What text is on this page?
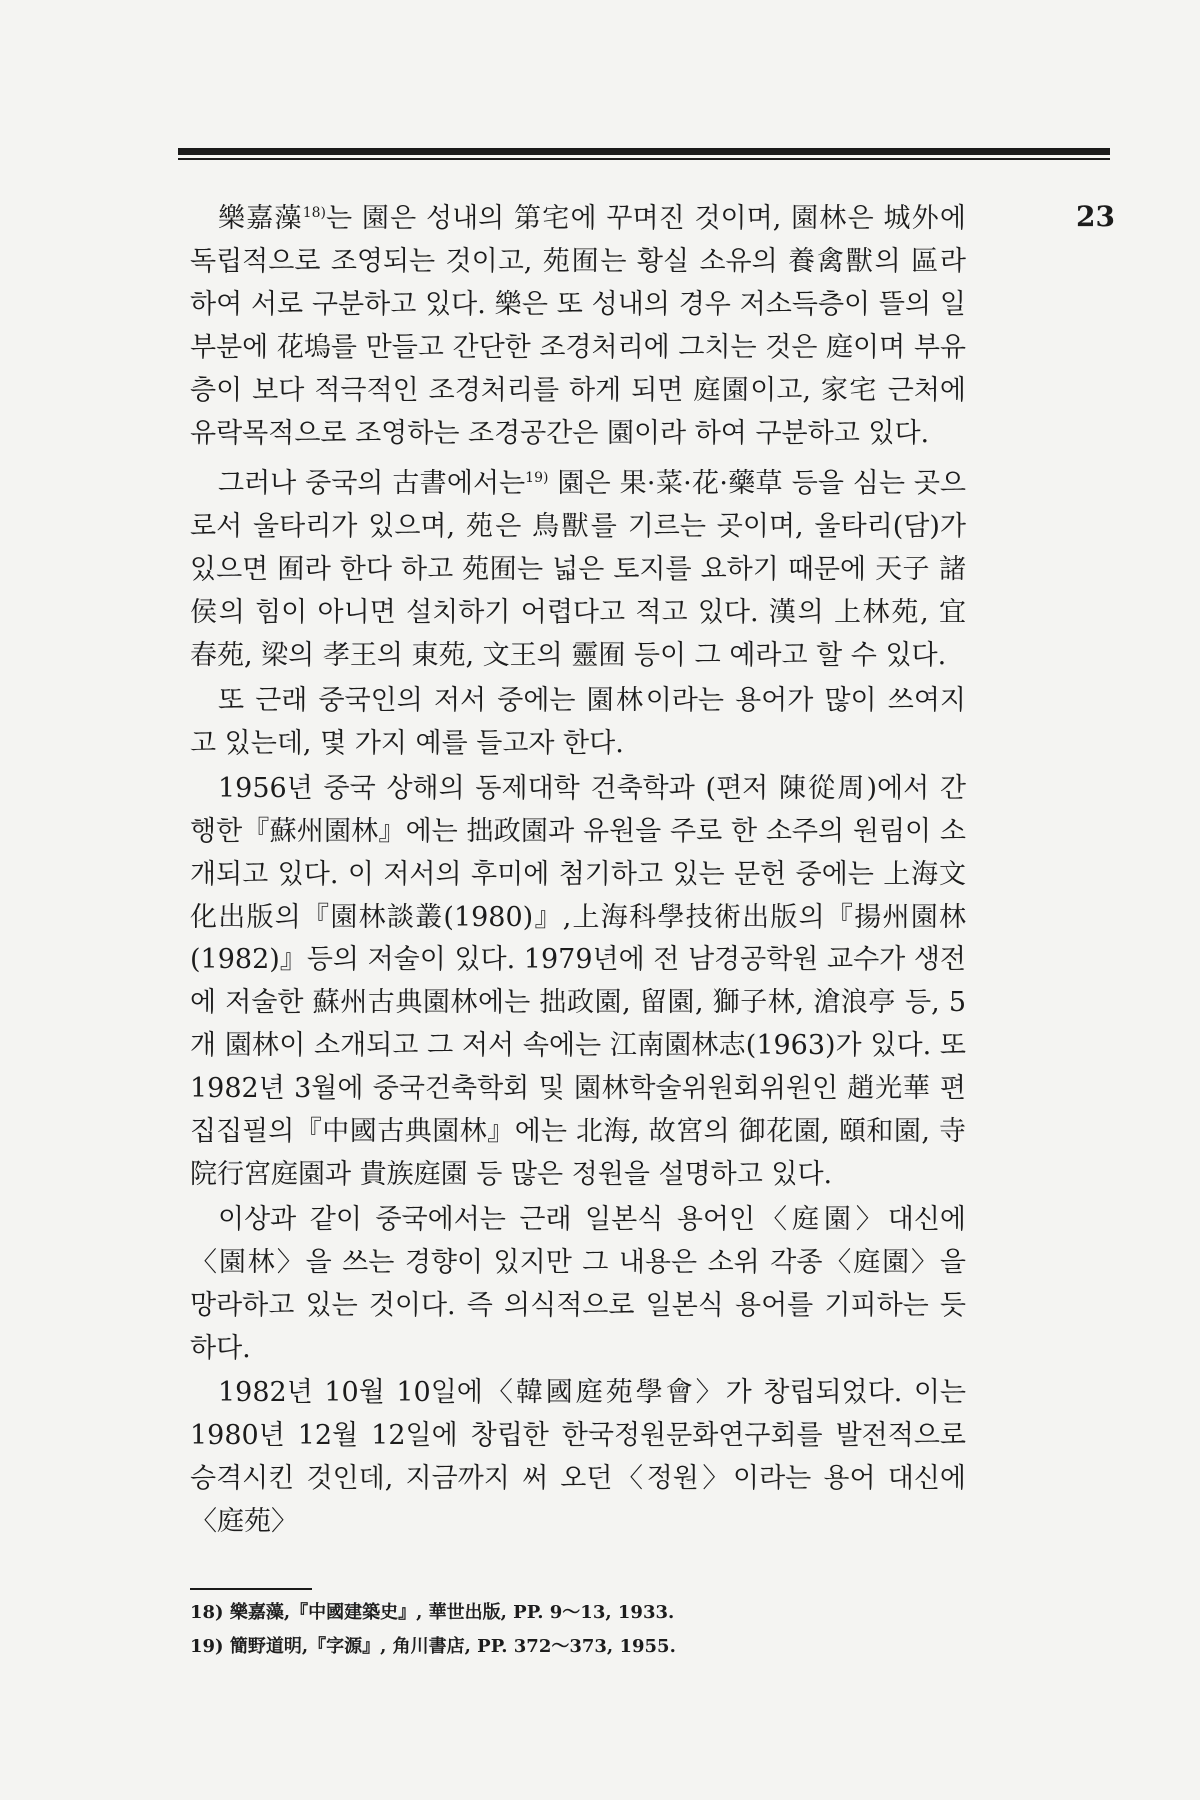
23

樂嘉藻$^{18)}$는 園은 성내의 第宅에 꾸며진 것이며, 園林은 城外에 독립적으로 조영되는 것이고, 苑囿는 황실 소유의 養禽獸의 區라 하여 서로 구분하고 있다. 樂은 또 성내의 경우 저소득층이 뜰의 일부분에 花塢를 만들고 간단한 조경처리에 그치는 것은 庭이며 부유층이 보다 적극적인 조경처리를 하게 되면 庭園이고, 家宅 근처에 유락목적으로 조영하는 조경공간은 園이라 하여 구분하고 있다.

그러나 중국의 古書에서는$^{19)}$ 園은 果·菜·花·藥草 등을 심는 곳으로서 울타리가 있으며, 苑은 鳥獸를 기르는 곳이며, 울타리(담)가 있으면 囿라 한다 하고 苑囿는 넓은 토지를 요하기 때문에 天子 諸侯의 힘이 아니면 설치하기 어렵다고 적고 있다. 漢의 上林苑, 宜春苑, 梁의 孝王의 東苑, 文王의 靈囿 등이 그 예라고 할 수 있다.

또 근래 중국인의 저서 중에는 園林이라는 용어가 많이 쓰여지고 있는데, 몇 가지 예를 들고자 한다.

1956년 중국 상해의 동제대학 건축학과 (편저 陳從周)에서 간행한『蘇州園林』에는 拙政園과 유원을 주로 한 소주의 원림이 소개되고 있다. 이 저서의 후미에 첨기하고 있는 문헌 중에는 上海文化出版의『園林談叢(1980)』,上海科學技術出版의『揚州園林(1982)』등의 저술이 있다. 1979년에 전 남경공학원 교수가 생전에 저술한 蘇州古典園林에는 拙政園, 留園, 獅子林, 滄浪亭 등, 5개 園林이 소개되고 그 저서 속에는 江南園林志(1963)가 있다. 또 1982년 3월에 중국건축학회 및 園林학술위원회위원인 趙光華 편집집필의『中國古典園林』에는 北海, 故宮의 御花園, 頤和園, 寺院行宮庭園과 貴族庭園 등 많은 정원을 설명하고 있다.

이상과 같이 중국에서는 근래 일본식 용어인〈庭園〉대신에〈園林〉을 쓰는 경향이 있지만 그 내용은 소위 각종〈庭園〉을 망라하고 있는 것이다. 즉 의식적으로 일본식 용어를 기피하는 듯하다.

1982년 10월 10일에〈韓國庭苑學會〉가 창립되었다. 이는 1980년 12월 12일에 창립한 한국정원문화연구회를 발전적으로 승격시킨 것인데, 지금까지 써 오던〈정원〉이라는 용어 대신에〈庭苑〉

18) 樂嘉藻,『中國建築史』, 華世出版, PP. 9～13, 1933.
19) 簡野道明,『字源』, 角川書店, PP. 372～373, 1955.
